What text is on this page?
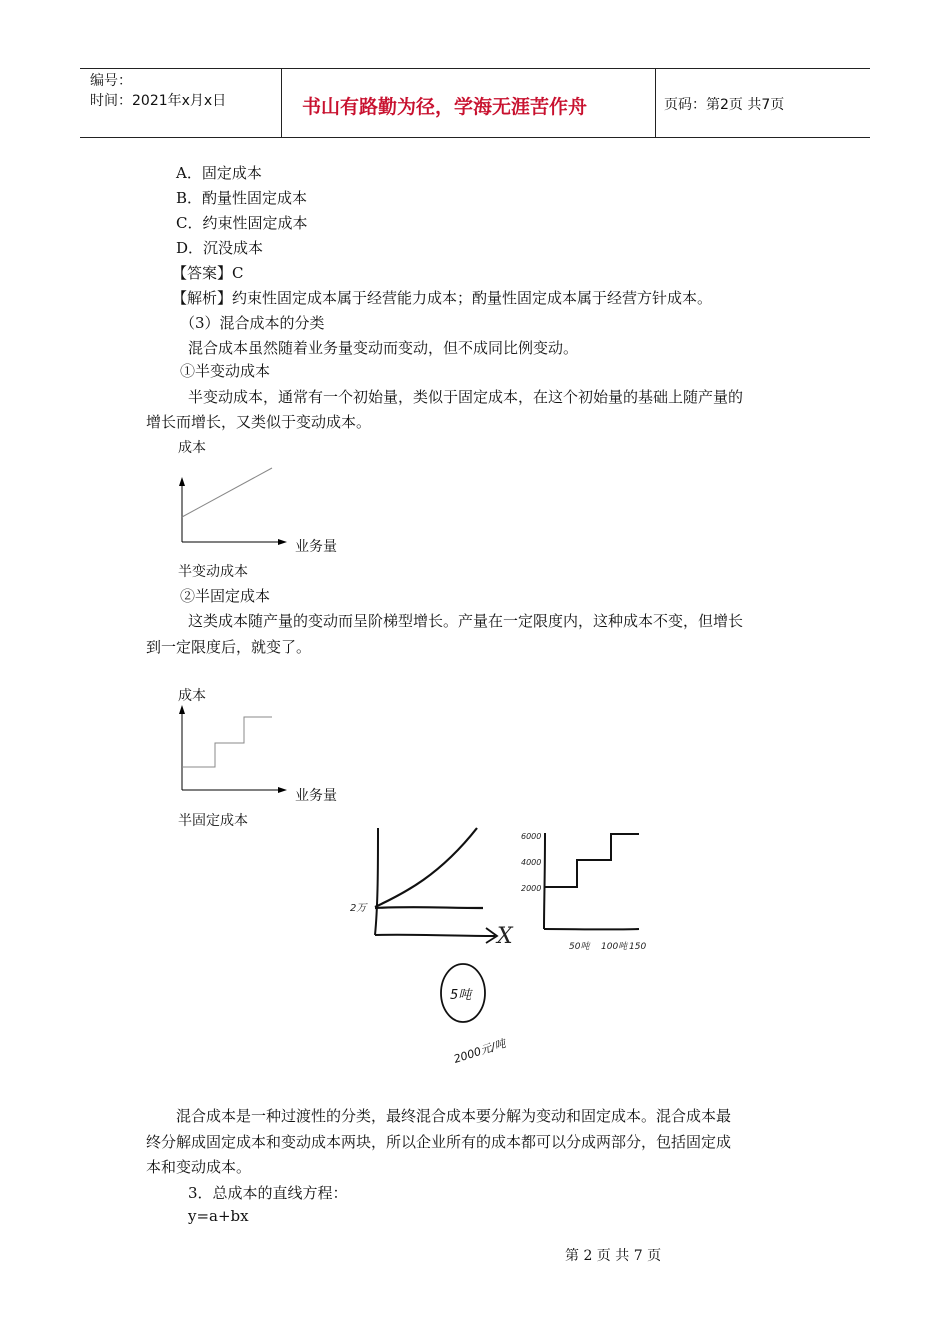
编号：
时间：2021年x月x日	书山有路勤为径，学海无涯苦作舟	页码：第2页 共7页
A．固定成本
B．酌量性固定成本
C．约束性固定成本
D．沉没成本
【答案】C
【解析】约束性固定成本属于经营能力成本；酌量性固定成本属于经营方针成本。
（3）混合成本的分类
混合成本虽然随着业务量变动而变动，但不成同比例变动。
①半变动成本
半变动成本，通常有一个初始量，类似于固定成本，在这个初始量的基础上随产量的
增长而增长，又类似于变动成本。
成本
业务量
半变动成本
②半固定成本
这类成本随产量的变动而呈阶梯型增长。产量在一定限度内，这种成本不变，但增长
到一定限度后，就变了。
成本
业务量
半固定成本
2万
X
6000
4000
2000
50吨 100吨 150
5吨
2000元/吨
混合成本是一种过渡性的分类，最终混合成本要分解为变动和固定成本。混合成本最
终分解成固定成本和变动成本两块，所以企业所有的成本都可以分成两部分，包括固定成
本和变动成本。
3．总成本的直线方程：
y=a+bx
第 2 页 共 7 页
